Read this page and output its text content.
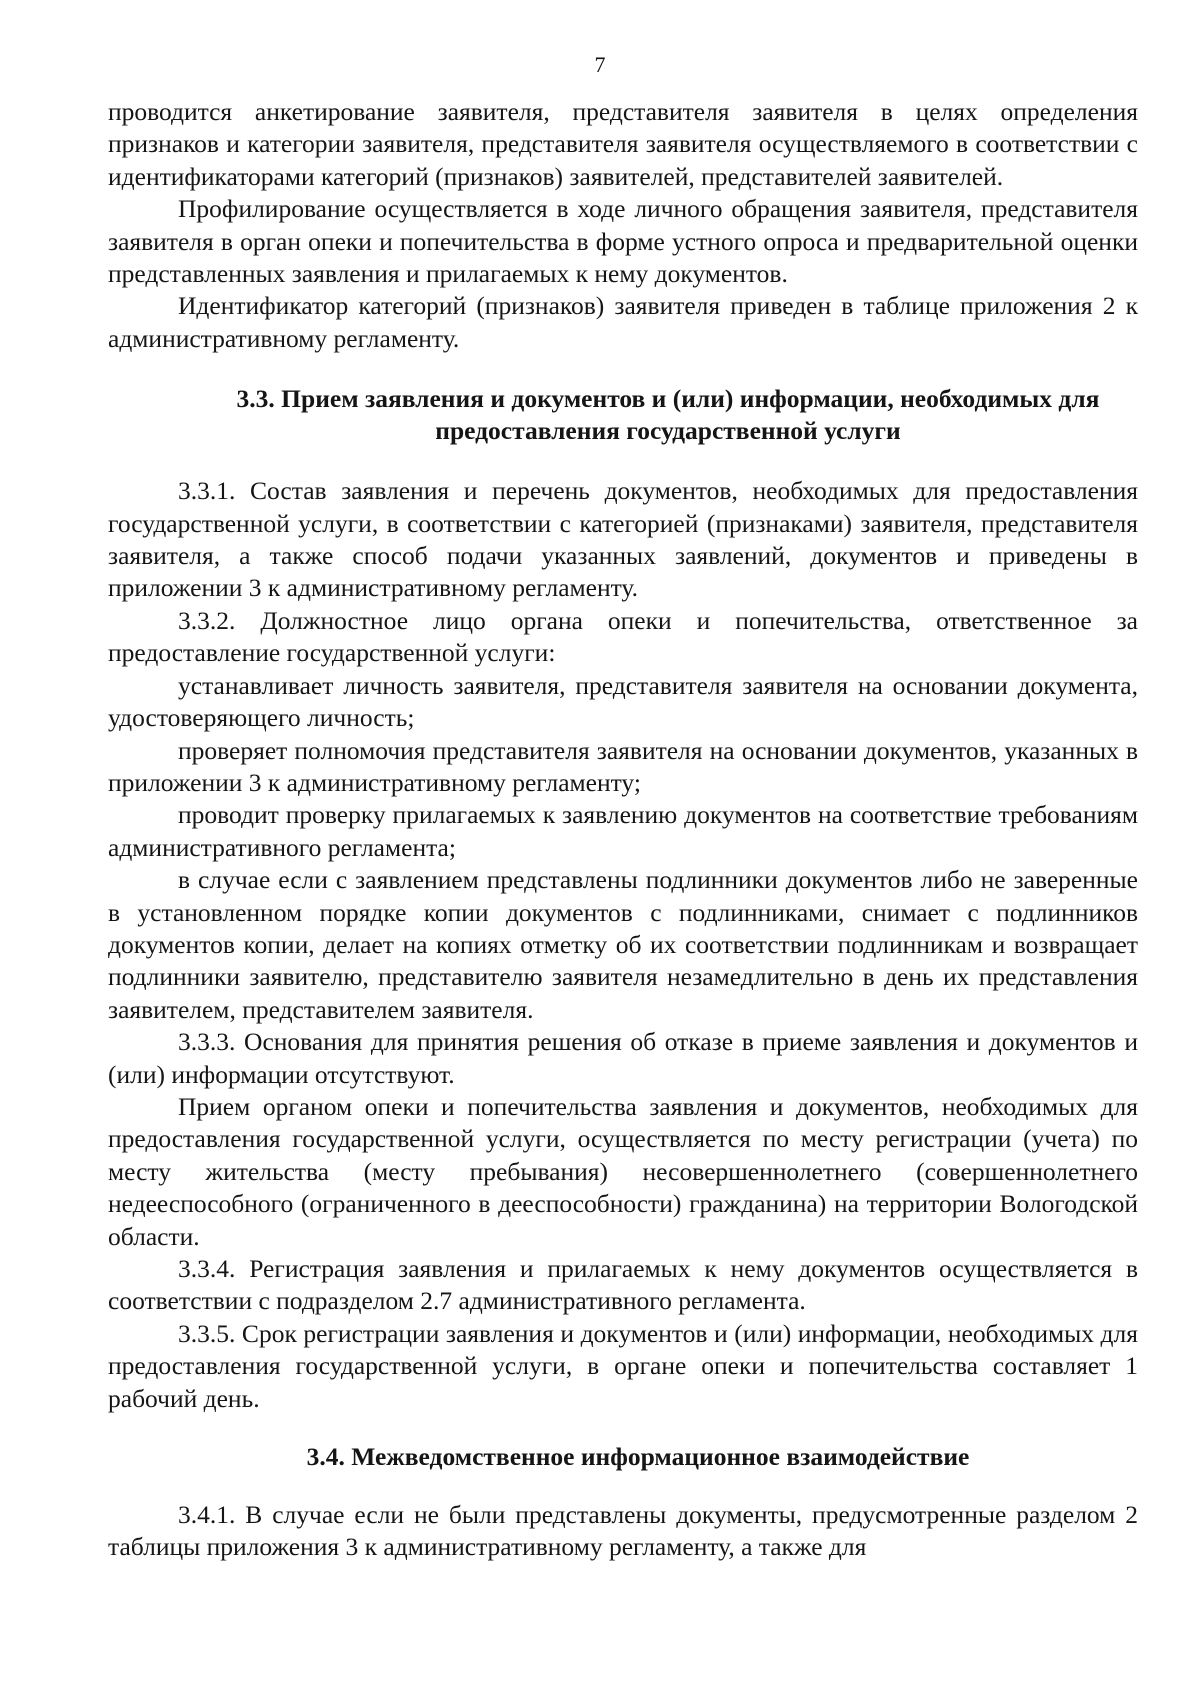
7

проводится анкетирование заявителя, представителя заявителя в целях определения признаков и категории заявителя, представителя заявителя осуществляемого в соответствии с идентификаторами категорий (признаков) заявителей, представителей заявителей.

Профилирование осуществляется в ходе личного обращения заявителя, представителя заявителя в орган опеки и попечительства в форме устного опроса и предварительной оценки представленных заявления и прилагаемых к нему документов.

Идентификатор категорий (признаков) заявителя приведен в таблице приложения 2 к административному регламенту.

3.3. Прием заявления и документов и (или) информации, необходимых для предоставления государственной услуги

3.3.1. Состав заявления и перечень документов, необходимых для предоставления государственной услуги, в соответствии с категорией (признаками) заявителя, представителя заявителя, а также способ подачи указанных заявлений, документов и приведены в приложении 3 к административному регламенту.

3.3.2. Должностное лицо органа опеки и попечительства, ответственное за предоставление государственной услуги:

устанавливает личность заявителя, представителя заявителя на основании документа, удостоверяющего личность;

проверяет полномочия представителя заявителя на основании документов, указанных в приложении 3 к административному регламенту;

проводит проверку прилагаемых к заявлению документов на соответствие требованиям административного регламента;

в случае если с заявлением представлены подлинники документов либо не заверенные в установленном порядке копии документов с подлинниками, снимает с подлинников документов копии, делает на копиях отметку об их соответствии подлинникам и возвращает подлинники заявителю, представителю заявителя незамедлительно в день их представления заявителем, представителем заявителя.

3.3.3. Основания для принятия решения об отказе в приеме заявления и документов и (или) информации отсутствуют.

Прием органом опеки и попечительства заявления и документов, необходимых для предоставления государственной услуги, осуществляется по месту регистрации (учета) по месту жительства (месту пребывания) несовершеннолетнего (совершеннолетнего недееспособного (ограниченного в дееспособности) гражданина) на территории Вологодской области.

3.3.4. Регистрация заявления и прилагаемых к нему документов осуществляется в соответствии с подразделом 2.7 административного регламента.

3.3.5. Срок регистрации заявления и документов и (или) информации, необходимых для предоставления государственной услуги, в органе опеки и попечительства составляет 1 рабочий день.

3.4. Межведомственное информационное взаимодействие

3.4.1. В случае если не были представлены документы, предусмотренные разделом 2 таблицы приложения 3 к административному регламенту, а также для
